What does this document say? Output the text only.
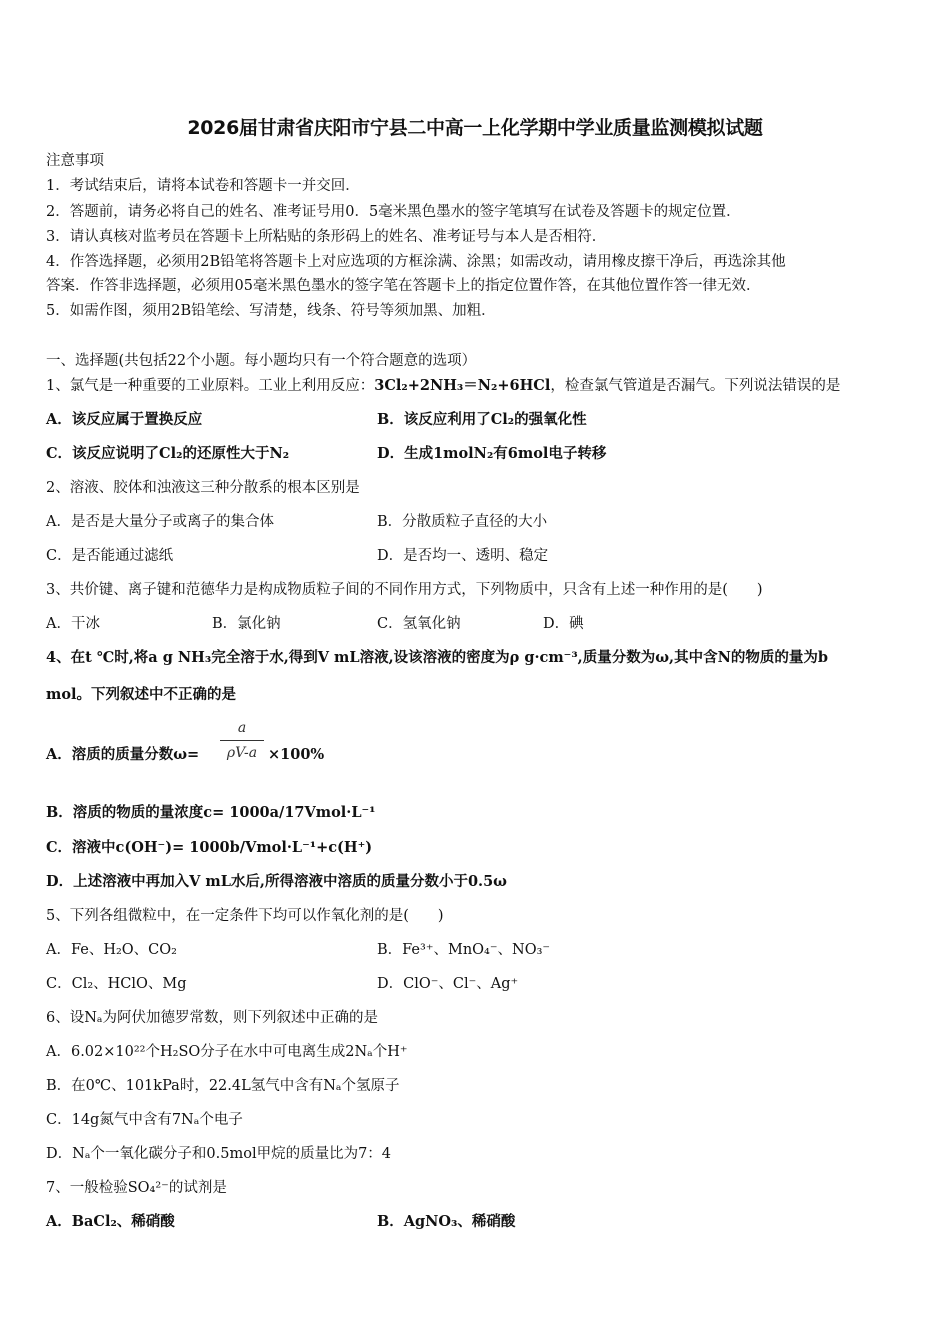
2026届甘肃省庆阳市宁县二中高一上化学期中学业质量监测模拟试题
注意事项
1．考试结束后，请将本试卷和答题卡一并交回．
2．答题前，请务必将自己的姓名、准考证号用0．5毫米黑色墨水的签字笔填写在试卷及答题卡的规定位置．
3．请认真核对监考员在答题卡上所粘贴的条形码上的姓名、准考证号与本人是否相符．
4．作答选择题，必须用2B铅笔将答题卡上对应选项的方框涂满、涂黑；如需改动，请用橡皮擦干净后，再选涂其他
答案．作答非选择题，必须用05毫米黑色墨水的签字笔在答题卡上的指定位置作答，在其他位置作答一律无效．
5．如需作图，须用2B铅笔绘、写清楚，线条、符号等须加黑、加粗．
一、选择题(共包括22个小题。每小题均只有一个符合题意的选项）
1、氯气是一种重要的工业原料。工业上利用反应：3Cl₂+2NH₃＝N₂+6HCl，检查氯气管道是否漏气。下列说法错误的是
A．该反应属于置换反应	B．该反应利用了Cl₂的强氧化性
C．该反应说明了Cl₂的还原性大于N₂	D．生成1molN₂有6mol电子转移
2、溶液、胶体和浊液这三种分散系的根本区别是
A．是否是大量分子或离子的集合体	B．分散质粒子直径的大小
C．是否能通过滤纸	D．是否均一、透明、稳定
3、共价键、离子键和范德华力是构成物质粒子间的不同作用方式，下列物质中，只含有上述一种作用的是(　　)
A．干冰	B．氯化钠	C．氢氧化钠	D．碘
4、在t ℃时,将a g NH₃完全溶于水,得到V mL溶液,设该溶液的密度为ρ g·cm⁻³,质量分数为ω,其中含N的物质的量为b
mol。下列叙述中不正确的是
A．溶质的质量分数ω=
a
ρV-a ×100%
B．溶质的物质的量浓度c= 1000a/17Vmol·L⁻¹
C．溶液中c(OH⁻)= 1000b/Vmol·L⁻¹+c(H⁺)
D．上述溶液中再加入V mL水后,所得溶液中溶质的质量分数小于0.5ω
5、下列各组微粒中，在一定条件下均可以作氧化剂的是(　　)
A．Fe、H₂O、CO₂	B．Fe³⁺、MnO₄⁻、NO₃⁻
C．Cl₂、HClO、Mg	D．ClO⁻、Cl⁻、Ag⁺
6、设Nₐ为阿伏加德罗常数，则下列叙述中正确的是
A．6.02×10²²个H₂SO分子在水中可电离生成2Nₐ个H⁺
B．在0℃、101kPa时，22.4L氢气中含有Nₐ个氢原子
C．14g氮气中含有7Nₐ个电子
D．Nₐ个一氧化碳分子和0.5mol甲烷的质量比为7：4
7、一般检验SO₄²⁻的试剂是
A．BaCl₂、稀硝酸	B．AgNO₃、稀硝酸
